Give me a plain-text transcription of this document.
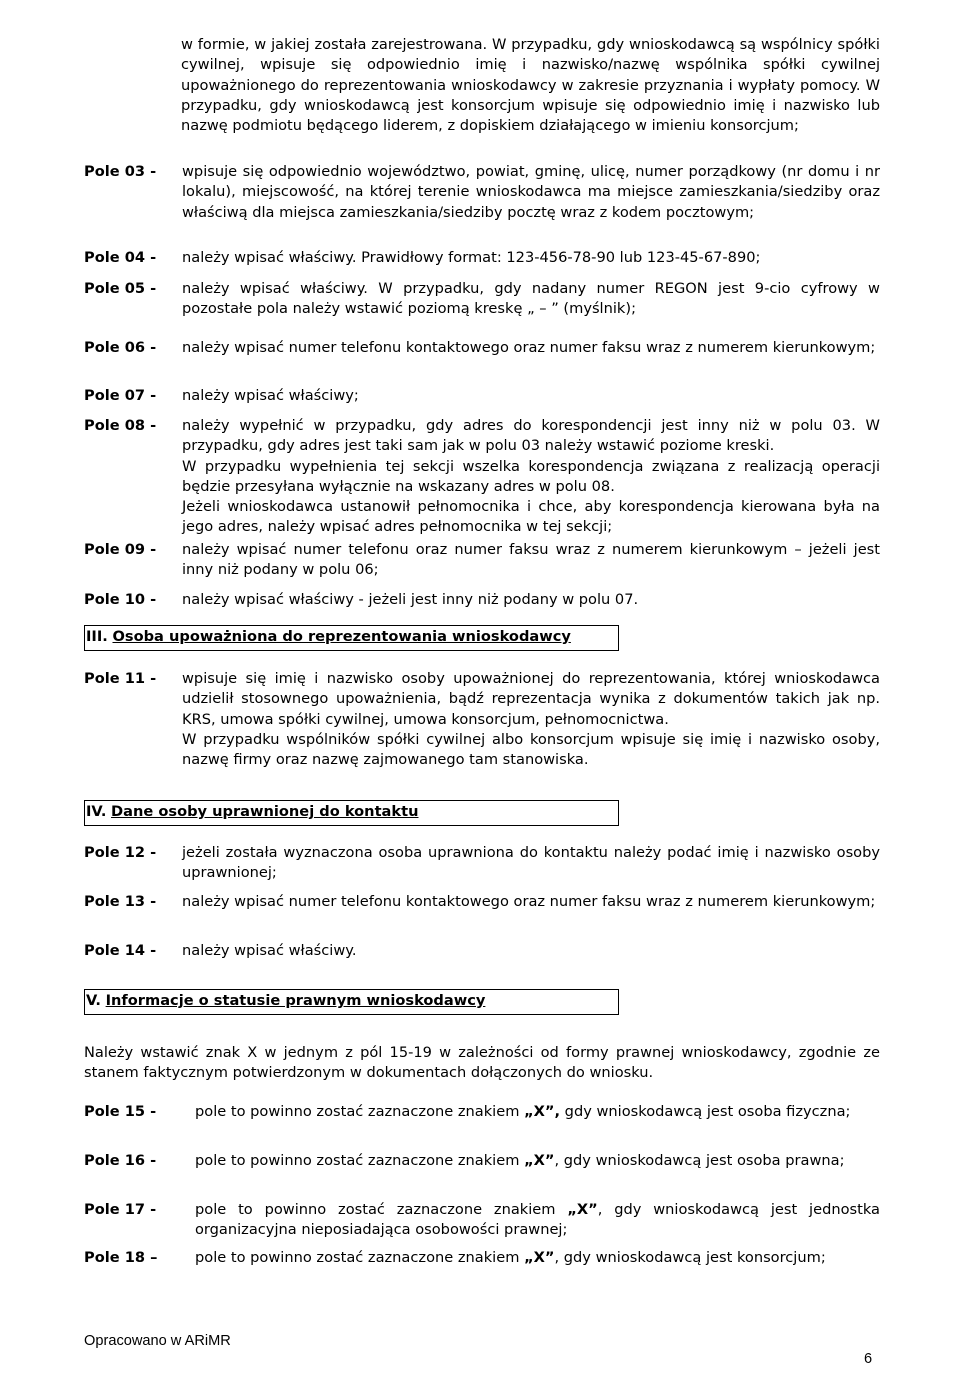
w formie, w jakiej została zarejestrowana. W przypadku, gdy wnioskodawcą są wspólnicy spółki cywilnej, wpisuje się odpowiednio imię i nazwisko/nazwę wspólnika spółki cywilnej upoważnionego do reprezentowania wnioskodawcy w zakresie przyznania i wypłaty pomocy. W przypadku, gdy wnioskodawcą jest konsorcjum wpisuje się odpowiednio imię i nazwisko lub nazwę podmiotu będącego liderem, z dopiskiem działającego w imieniu konsorcjum;
Pole 03 - wpisuje się odpowiednio województwo, powiat, gminę, ulicę, numer porządkowy (nr domu i nr lokalu), miejscowość, na której terenie wnioskodawca ma miejsce zamieszkania/siedziby oraz właściwą dla miejsca zamieszkania/siedziby pocztę wraz z kodem pocztowym;
Pole 04 - należy wpisać właściwy. Prawidłowy format: 123-456-78-90 lub 123-45-67-890;
Pole 05 - należy wpisać właściwy. W przypadku, gdy nadany numer REGON jest 9-cio cyfrowy w pozostałe pola należy wstawić poziomą kreskę „ – ” (myślnik);
Pole 06 - należy wpisać numer telefonu kontaktowego oraz numer faksu wraz z numerem kierunkowym;
Pole 07 - należy wpisać właściwy;
Pole 08 - należy wypełnić w przypadku, gdy adres do korespondencji jest inny niż w polu 03. W przypadku, gdy adres jest taki sam jak w polu 03 należy wstawić poziome kreski.
W przypadku wypełnienia tej sekcji wszelka korespondencja związana z realizacją operacji będzie przesyłana wyłącznie na wskazany adres w polu 08.
Jeżeli wnioskodawca ustanowił pełnomocnika i chce, aby korespondencja kierowana była na jego adres, należy wpisać adres pełnomocnika w tej sekcji;
Pole 09 - należy wpisać numer telefonu oraz numer faksu wraz z numerem kierunkowym – jeżeli jest inny niż podany w polu 06;
Pole 10 - należy wpisać właściwy - jeżeli jest inny niż podany w polu 07.
III. Osoba upoważniona do reprezentowania wnioskodawcy
Pole 11 - wpisuje się imię i nazwisko osoby upoważnionej do reprezentowania, której wnioskodawca udzielił stosownego upoważnienia, bądź reprezentacja wynika z dokumentów takich jak np. KRS, umowa spółki cywilnej, umowa konsorcjum, pełnomocnictwa.
W przypadku wspólników spółki cywilnej albo konsorcjum wpisuje się imię i nazwisko osoby, nazwę firmy oraz nazwę zajmowanego tam stanowiska.
IV. Dane osoby uprawnionej do kontaktu
Pole 12 - jeżeli została wyznaczona osoba uprawniona do kontaktu należy podać imię i nazwisko osoby uprawnionej;
Pole 13 - należy wpisać numer telefonu kontaktowego oraz numer faksu wraz z numerem kierunkowym;
Pole 14 - należy wpisać właściwy.
V. Informacje o statusie prawnym wnioskodawcy
Należy wstawić znak X w jednym z pól 15-19 w zależności od formy prawnej wnioskodawcy, zgodnie ze stanem faktycznym potwierdzonym w dokumentach dołączonych do wniosku.
Pole 15 -	pole to powinno zostać zaznaczone znakiem „X”, gdy wnioskodawcą jest osoba fizyczna;
Pole 16 -	pole to powinno zostać zaznaczone znakiem „X”, gdy wnioskodawcą jest osoba prawna;
Pole 17 -	pole to powinno zostać zaznaczone znakiem „X”, gdy wnioskodawcą jest jednostka organizacyjna nieposiadająca osobowości prawnej;
Pole 18 –	pole to powinno zostać zaznaczone znakiem „X”, gdy wnioskodawcą jest konsorcjum;
Opracowano w ARiMR
6
